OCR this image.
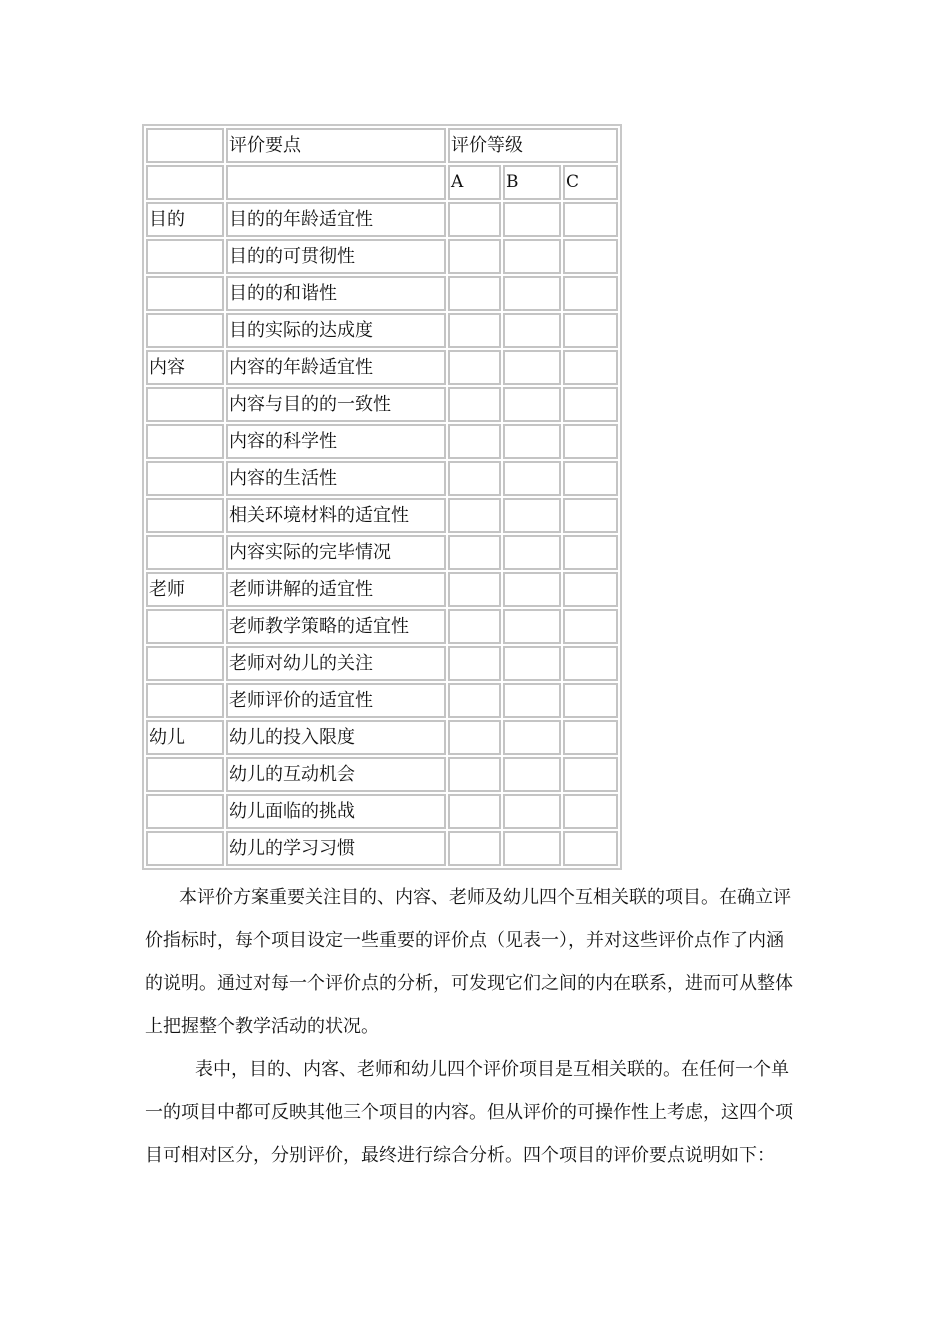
	评价要点	评价等级		
		A	B	C
目的	目的的年龄适宜性			
	目的的可贯彻性			
	目的的和谐性			
	目的实际的达成度			
内容	内容的年龄适宜性			
	内容与目的的一致性			
	内容的科学性			
	内容的生活性			
	相关环境材料的适宜性			
	内容实际的完毕情况			
老师	老师讲解的适宜性			
	老师教学策略的适宜性			
	老师对幼儿的关注			
	老师评价的适宜性			
幼儿	幼儿的投入限度			
	幼儿的互动机会			
	幼儿面临的挑战			
	幼儿的学习习惯			

本评价方案重要关注目的、内容、老师及幼儿四个互相关联的项目。在确立评价指标时，每个项目设定一些重要的评价点（见表一），并对这些评价点作了内涵的说明。通过对每一个评价点的分析，可发现它们之间的内在联系，进而可从整体上把握整个教学活动的状况。

表中，目的、内客、老师和幼儿四个评价项目是互相关联的。在任何一个单一的项目中都可反映其他三个项目的内容。但从评价的可操作性上考虑，这四个项目可相对区分，分别评价，最终进行综合分析。四个项目的评价要点说明如下：
